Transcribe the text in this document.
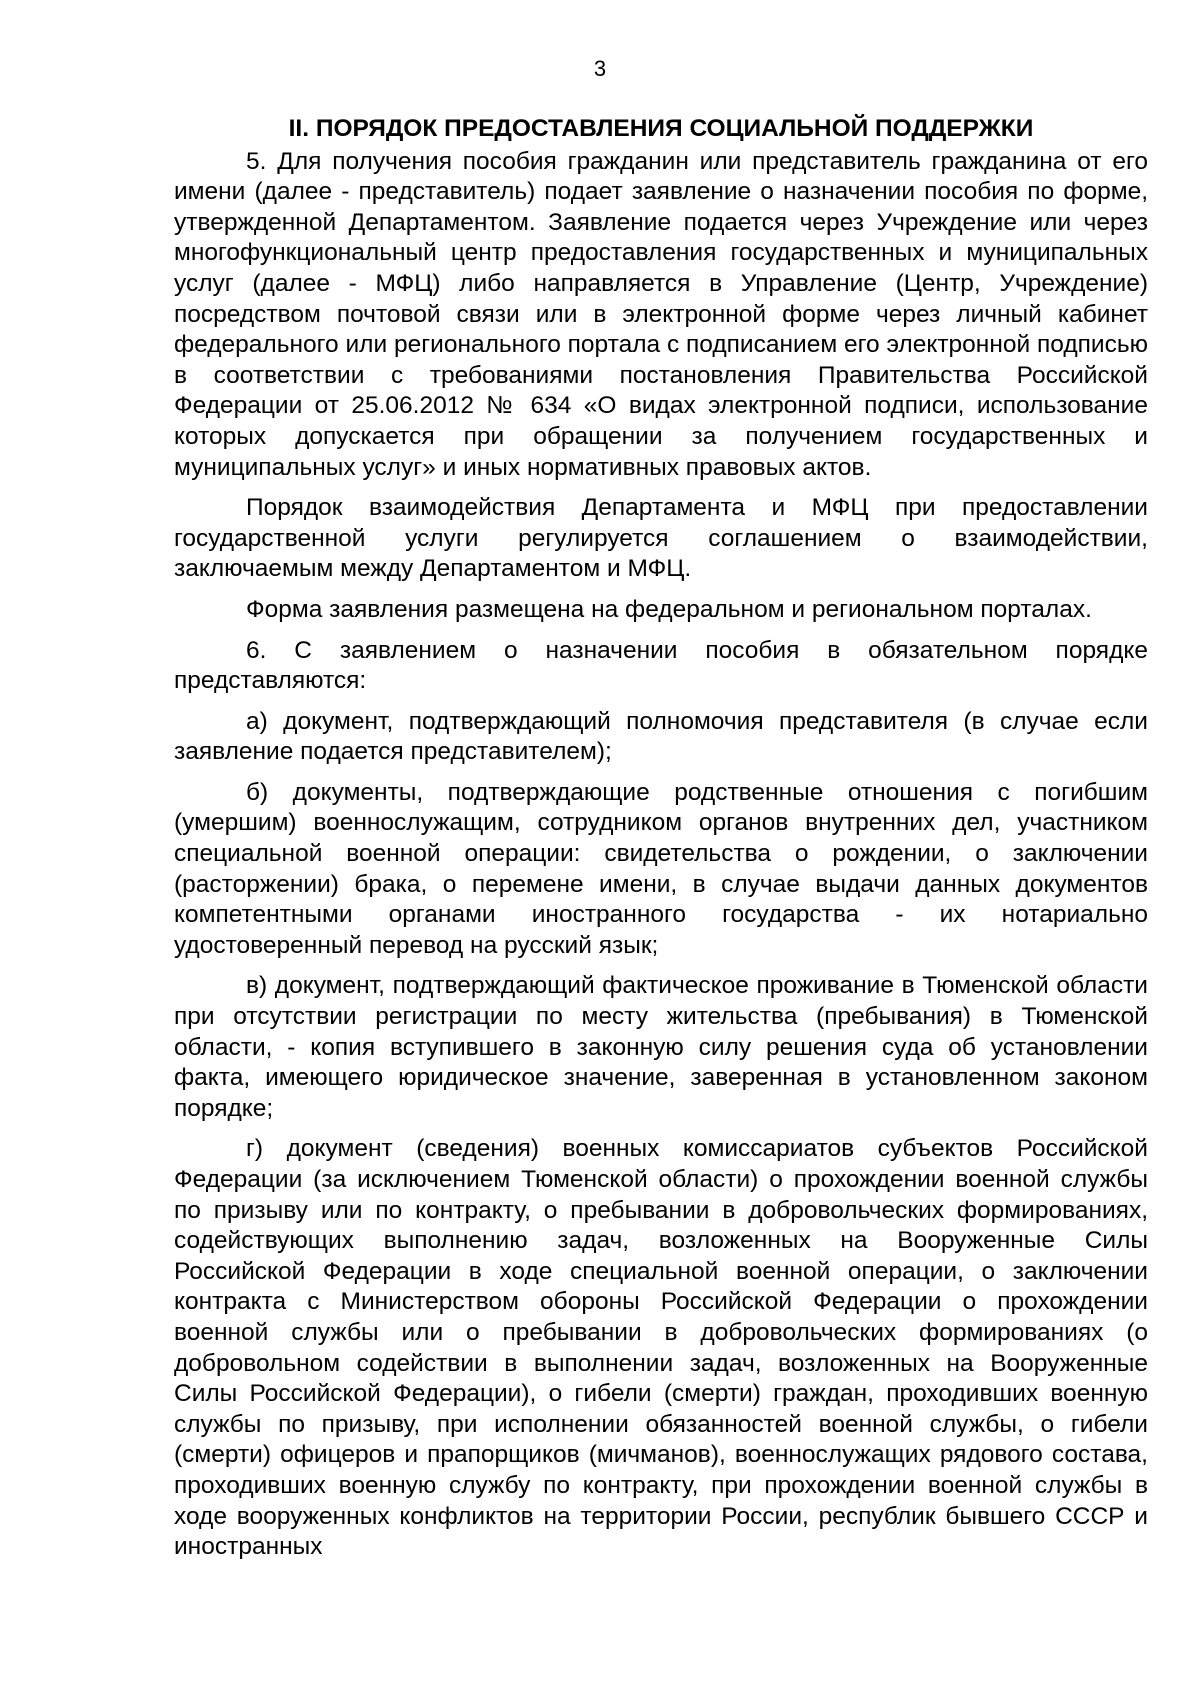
3
II. ПОРЯДОК ПРЕДОСТАВЛЕНИЯ СОЦИАЛЬНОЙ ПОДДЕРЖКИ

5. Для получения пособия гражданин или представитель гражданина от его имени (далее - представитель) подает заявление о назначении пособия по форме, утвержденной Департаментом. Заявление подается через Учреждение или через многофункциональный центр предоставления государственных и муниципальных услуг (далее - МФЦ) либо направляется в Управление (Центр, Учреждение) посредством почтовой связи или в электронной форме через личный кабинет федерального или регионального портала с подписанием его электронной подписью в соответствии с требованиями постановления Правительства Российской Федерации от 25.06.2012 № 634 «О видах электронной подписи, использование которых допускается при обращении за получением государственных и муниципальных услуг» и иных нормативных правовых актов.

Порядок взаимодействия Департамента и МФЦ при предоставлении государственной услуги регулируется соглашением о взаимодействии, заключаемым между Департаментом и МФЦ.

Форма заявления размещена на федеральном и региональном порталах.

6. С заявлением о назначении пособия в обязательном порядке представляются:

а) документ, подтверждающий полномочия представителя (в случае если заявление подается представителем);

б) документы, подтверждающие родственные отношения с погибшим (умершим) военнослужащим, сотрудником органов внутренних дел, участником специальной военной операции: свидетельства о рождении, о заключении (расторжении) брака, о перемене имени, в случае выдачи данных документов компетентными органами иностранного государства - их нотариально удостоверенный перевод на русский язык;

в) документ, подтверждающий фактическое проживание в Тюменской области при отсутствии регистрации по месту жительства (пребывания) в Тюменской области, - копия вступившего в законную силу решения суда об установлении факта, имеющего юридическое значение, заверенная в установленном законом порядке;

г) документ (сведения) военных комиссариатов субъектов Российской Федерации (за исключением Тюменской области) о прохождении военной службы по призыву или по контракту, о пребывании в добровольческих формированиях, содействующих выполнению задач, возложенных на Вооруженные Силы Российской Федерации в ходе специальной военной операции, о заключении контракта с Министерством обороны Российской Федерации о прохождении военной службы или о пребывании в добровольческих формированиях (о добровольном содействии в выполнении задач, возложенных на Вооруженные Силы Российской Федерации), о гибели (смерти) граждан, проходивших военную службы по призыву, при исполнении обязанностей военной службы, о гибели (смерти) офицеров и прапорщиков (мичманов), военнослужащих рядового состава, проходивших военную службу по контракту, при прохождении военной службы в ходе вооруженных конфликтов на территории России, республик бывшего СССР и иностранных
